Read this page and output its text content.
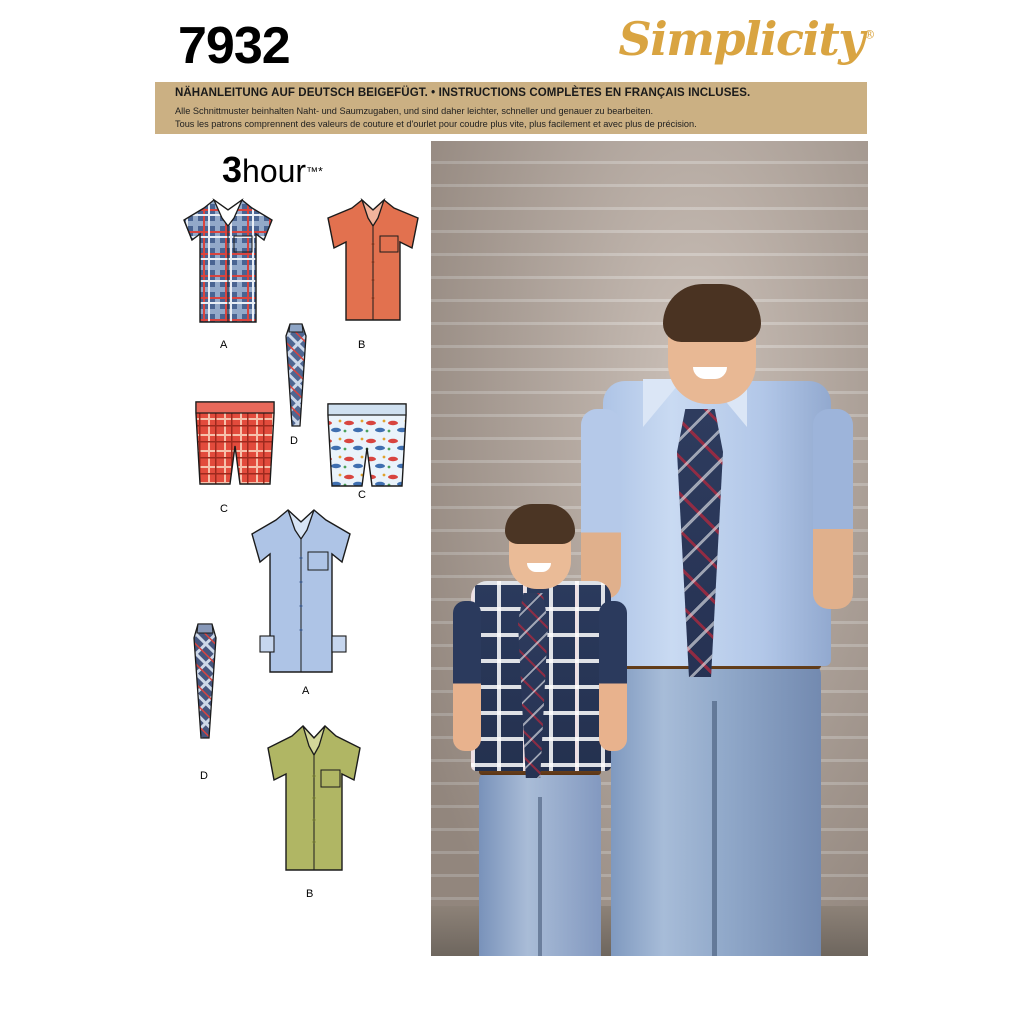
7932	Simplicity®
NÄHANLEITUNG AUF DEUTSCH BEIGEFÜGT. • INSTRUCTIONS COMPLÈTES EN FRANÇAIS INCLUSES.
Alle Schnittmuster beinhalten Naht- und Saumzugaben, und sind daher leichter, schneller und genauer zu bearbeiten.
Tous les patrons comprennent des valeurs de couture et d'ourlet pour coudre plus vite, plus facilement et avec plus de précision.
3hour™*
A	B
D
C
C
A
D
B
